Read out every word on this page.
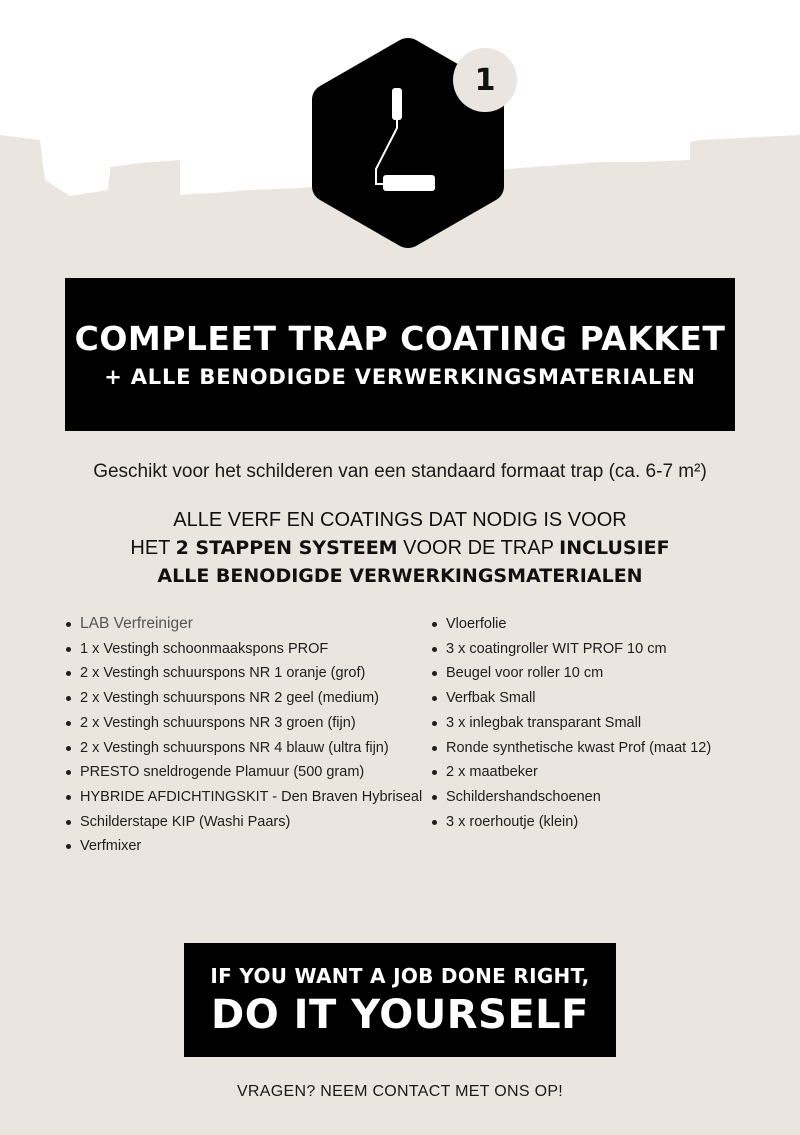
1
COMPLEET TRAP COATING PAKKET
+ ALLE BENODIGDE VERWERKINGSMATERIALEN
Geschikt voor het schilderen van een standaard formaat trap (ca. 6-7 m²)
ALLE VERF EN COATINGS DAT NODIG IS VOOR
HET 2 STAPPEN SYSTEEM VOOR DE TRAP INCLUSIEF
ALLE BENODIGDE VERWERKINGSMATERIALEN
LAB Verfreiniger
1 x Vestingh schoonmaakspons PROF
2 x Vestingh schuurspons NR 1 oranje (grof)
2 x Vestingh schuurspons NR 2 geel (medium)
2 x Vestingh schuurspons NR 3 groen (fijn)
2 x Vestingh schuurspons NR 4 blauw (ultra fijn)
PRESTO sneldrogende Plamuur (500 gram)
HYBRIDE AFDICHTINGSKIT - Den Braven Hybriseal
Schilderstape KIP (Washi Paars)
Verfmixer
Vloerfolie
3 x coatingroller WIT PROF 10 cm
Beugel voor roller 10 cm
Verfbak Small
3 x inlegbak transparant Small
Ronde synthetische kwast Prof (maat 12)
2 x maatbeker
Schildershandschoenen
3 x roerhoutje (klein)
IF YOU WANT A JOB DONE RIGHT,
DO IT YOURSELF
VRAGEN? NEEM CONTACT MET ONS OP!
